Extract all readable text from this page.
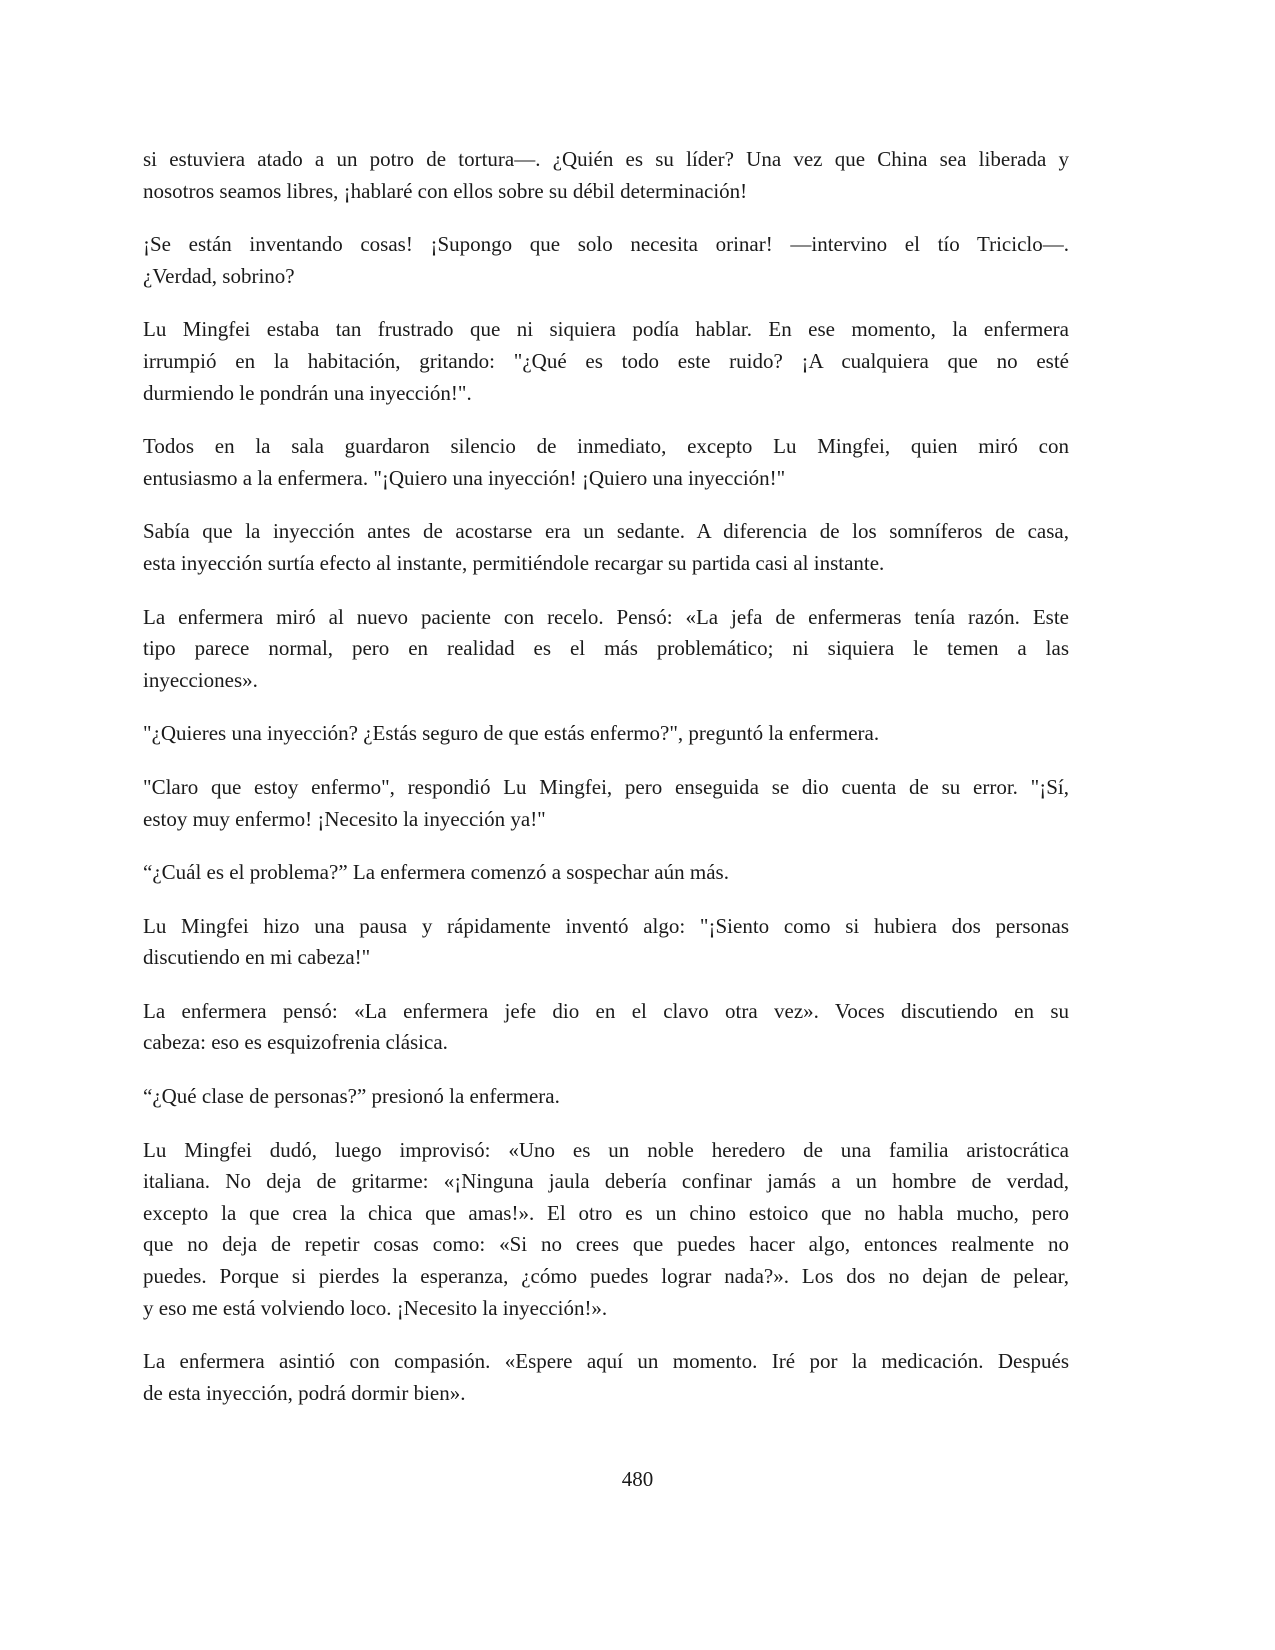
si estuviera atado a un potro de tortura—. ¿Quién es su líder? Una vez que China sea liberada y
nosotros seamos libres, ¡hablaré con ellos sobre su débil determinación!
¡Se están inventando cosas! ¡Supongo que solo necesita orinar! —intervino el tío Triciclo—.
¿Verdad, sobrino?
Lu Mingfei estaba tan frustrado que ni siquiera podía hablar. En ese momento, la enfermera
irrumpió en la habitación, gritando: "¿Qué es todo este ruido? ¡A cualquiera que no esté
durmiendo le pondrán una inyección!".
Todos en la sala guardaron silencio de inmediato, excepto Lu Mingfei, quien miró con
entusiasmo a la enfermera. "¡Quiero una inyección! ¡Quiero una inyección!"
Sabía que la inyección antes de acostarse era un sedante. A diferencia de los somníferos de casa,
esta inyección surtía efecto al instante, permitiéndole recargar su partida casi al instante.
La enfermera miró al nuevo paciente con recelo. Pensó: «La jefa de enfermeras tenía razón. Este
tipo parece normal, pero en realidad es el más problemático; ni siquiera le temen a las
inyecciones».
"¿Quieres una inyección? ¿Estás seguro de que estás enfermo?", preguntó la enfermera.
"Claro que estoy enfermo", respondió Lu Mingfei, pero enseguida se dio cuenta de su error. "¡Sí,
estoy muy enfermo! ¡Necesito la inyección ya!"
“¿Cuál es el problema?” La enfermera comenzó a sospechar aún más.
Lu Mingfei hizo una pausa y rápidamente inventó algo: "¡Siento como si hubiera dos personas
discutiendo en mi cabeza!"
La enfermera pensó: «La enfermera jefe dio en el clavo otra vez». Voces discutiendo en su
cabeza: eso es esquizofrenia clásica.
“¿Qué clase de personas?” presionó la enfermera.
Lu Mingfei dudó, luego improvisó: «Uno es un noble heredero de una familia aristocrática
italiana. No deja de gritarme: «¡Ninguna jaula debería confinar jamás a un hombre de verdad,
excepto la que crea la chica que amas!». El otro es un chino estoico que no habla mucho, pero
que no deja de repetir cosas como: «Si no crees que puedes hacer algo, entonces realmente no
puedes. Porque si pierdes la esperanza, ¿cómo puedes lograr nada?». Los dos no dejan de pelear,
y eso me está volviendo loco. ¡Necesito la inyección!».
La enfermera asintió con compasión. «Espere aquí un momento. Iré por la medicación. Después
de esta inyección, podrá dormir bien».
480
